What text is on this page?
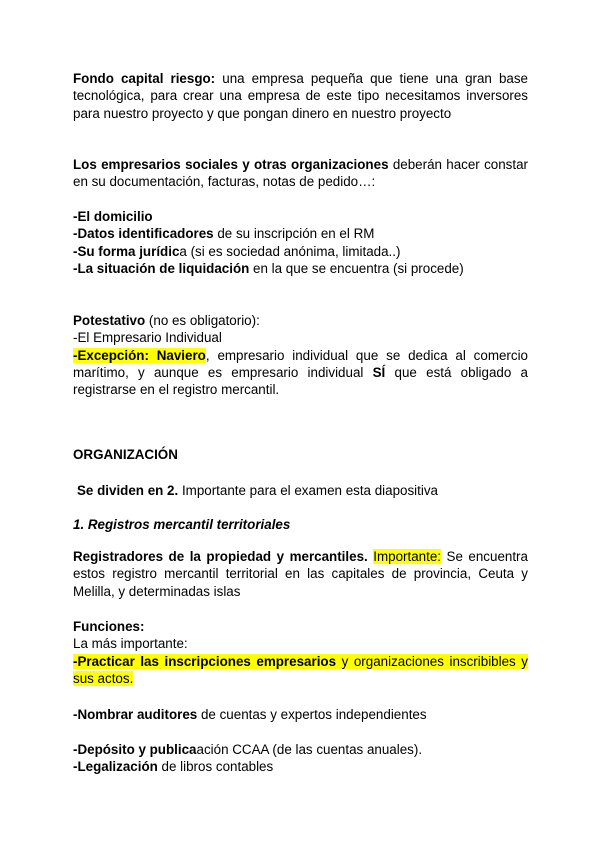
Fondo capital riesgo: una empresa pequeña que tiene una gran base tecnológica, para crear una empresa de este tipo necesitamos inversores para nuestro proyecto y que pongan dinero en nuestro proyecto

Los empresarios sociales y otras organizaciones deberán hacer constar en su documentación, facturas, notas de pedido…:

-El domicilio
-Datos identificadores de su inscripción en el RM
-Su forma jurídica (si es sociedad anónima, limitada..)
-La situación de liquidación en la que se encuentra (si procede)
Potestativo (no es obligatorio):
-El Empresario Individual

-Excepción: Naviero, empresario individual que se dedica al comercio marítimo, y aunque es empresario individual SÍ que está obligado a registrarse en el registro mercantil.

ORGANIZACIÓN
Se dividen en 2. Importante para el examen esta diapositiva
1. Registros mercantil territoriales

Registradores de la propiedad y mercantiles. Importante: Se encuentra estos registro mercantil territorial en las capitales de provincia, Ceuta y Melilla, y determinadas islas

Funciones:
La más importante:

-Practicar las inscripciones empresarios y organizaciones inscribibles y sus actos.

-Nombrar auditores de cuentas y expertos independientes
-Depósito y publicaación CCAA (de las cuentas anuales).
-Legalización de libros contables
